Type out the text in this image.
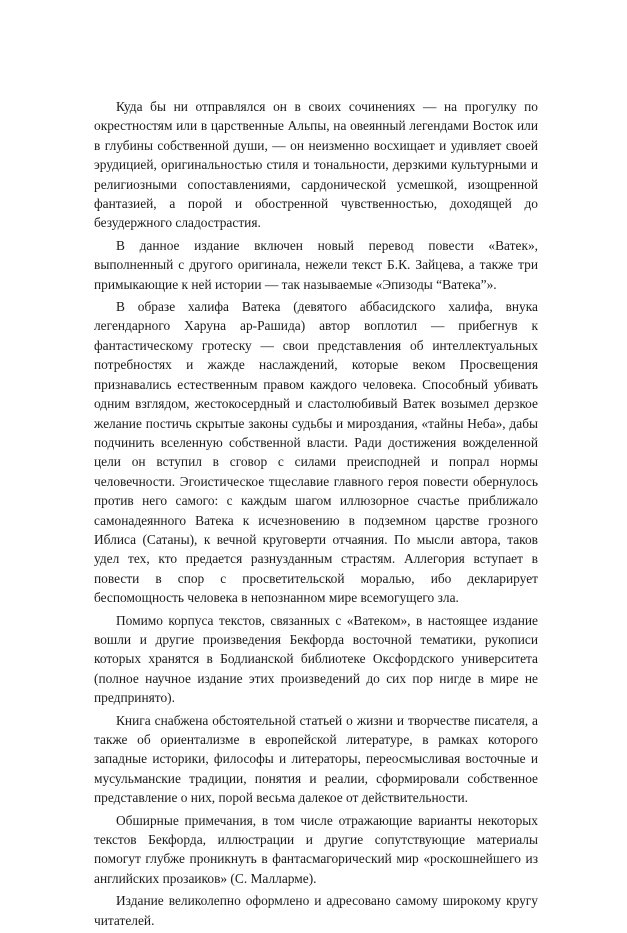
Куда бы ни отправлялся он в своих сочинениях — на прогулку по окрестностям или в царственные Альпы, на овеянный легендами Восток или в глубины собственной души, — он неизменно восхищает и удивляет своей эрудицией, оригинальностью стиля и тональности, дерзкими культурными и религиозными сопоставлениями, сардонической усмешкой, изощренной фантазией, а порой и обостренной чувственностью, доходящей до безудержного сладострастия.

В данное издание включен новый перевод повести «Ватек», выполненный с другого оригинала, нежели текст Б.К. Зайцева, а также три примыкающие к ней истории — так называемые «Эпизоды “Ватека”».

В образе халифа Ватека (девятого аббасидского халифа, внука легендарного Харуна ар-Рашида) автор воплотил — прибегнув к фантастическому гротеску — свои представления об интеллектуальных потребностях и жажде наслаждений, которые веком Просвещения признавались естественным правом каждого человека. Способный убивать одним взглядом, жестокосердный и сластолюбивый Ватек возымел дерзкое желание постичь скрытые законы судьбы и мироздания, «тайны Неба», дабы подчинить вселенную собственной власти. Ради достижения вожделенной цели он вступил в сговор с силами преисподней и попрал нормы человечности. Эгоистическое тщеславие главного героя повести обернулось против него самого: с каждым шагом иллюзорное счастье приближало самонадеянного Ватека к исчезновению в подземном царстве грозного Иблиса (Сатаны), к вечной круговерти отчаяния. По мысли автора, таков удел тех, кто предается разнузданным страстям. Аллегория вступает в повести в спор с просветительской моралью, ибо декларирует беспомощность человека в непознанном мире всемогущего зла.

Помимо корпуса текстов, связанных с «Ватеком», в настоящее издание вошли и другие произведения Бекфорда восточной тематики, рукописи которых хранятся в Бодлианской библиотеке Оксфордского университета (полное научное издание этих произведений до сих пор нигде в мире не предпринято).

Книга снабжена обстоятельной статьей о жизни и творчестве писателя, а также об ориентализме в европейской литературе, в рамках которого западные историки, философы и литераторы, переосмысливая восточные и мусульманские традиции, понятия и реалии, сформировали собственное представление о них, порой весьма далекое от действительности.

Обширные примечания, в том числе отражающие варианты некоторых текстов Бекфорда, иллюстрации и другие сопутствующие материалы помогут глубже проникнуть в фантасмагорический мир «роскошнейшего из английских прозаиков» (С. Малларме).

Издание великолепно оформлено и адресовано самому широкому кругу читателей.
